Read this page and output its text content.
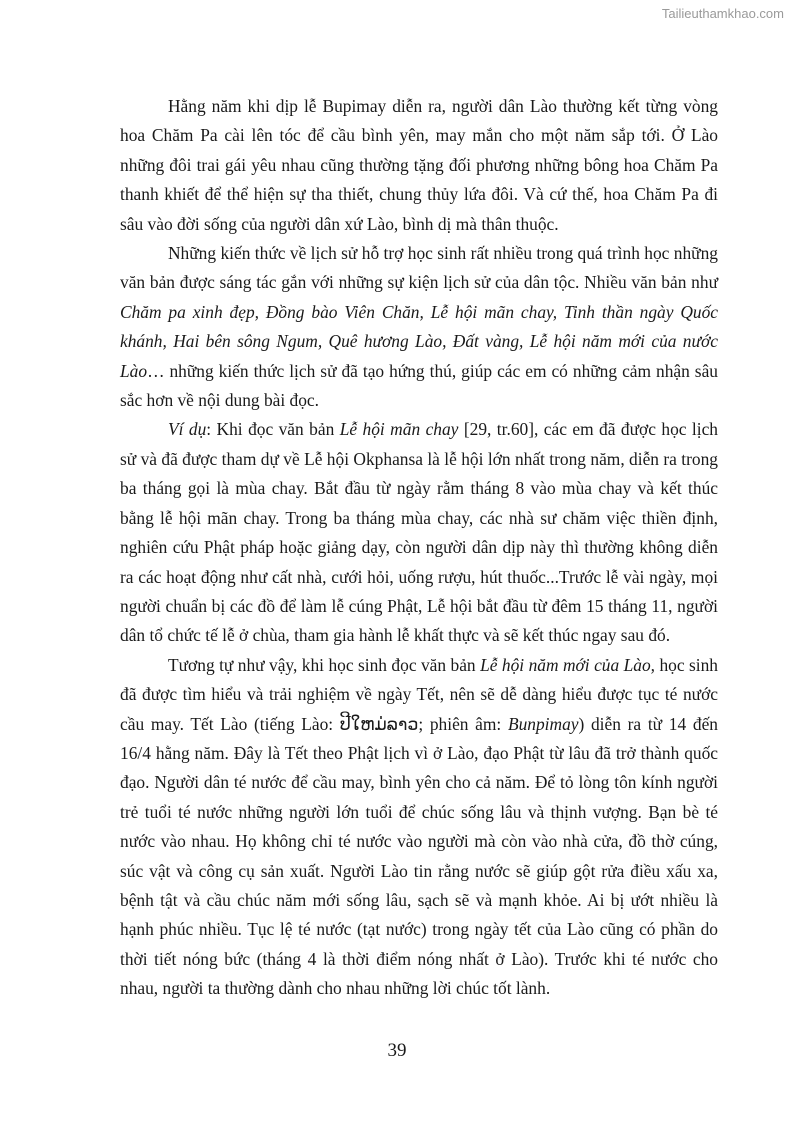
Tailieuthamkhao.com

Hằng năm khi dịp lễ Bupimay diễn ra, người dân Lào thường kết từng vòng hoa Chăm Pa cài lên tóc để cầu bình yên, may mắn cho một năm sắp tới. Ở Lào những đôi trai gái yêu nhau cũng thường tặng đối phương những bông hoa Chăm Pa thanh khiết để thể hiện sự tha thiết, chung thủy lứa đôi. Và cứ thế, hoa Chăm Pa đi sâu vào đời sống của người dân xứ Lào, bình dị mà thân thuộc.

Những kiến thức về lịch sử hỗ trợ học sinh rất nhiều trong quá trình học những văn bản được sáng tác gắn với những sự kiện lịch sử của dân tộc. Nhiều văn bản như Chăm pa xinh đẹp, Đồng bào Viên Chăn, Lễ hội mãn chay, Tinh thần ngày Quốc khánh, Hai bên sông Ngum, Quê hương Lào, Đất vàng, Lễ hội năm mới của nước Lào… những kiến thức lịch sử đã tạo hứng thú, giúp các em có những cảm nhận sâu sắc hơn về nội dung bài đọc.

Ví dụ: Khi đọc văn bản Lễ hội mãn chay [29, tr.60], các em đã được học lịch sử và đã được tham dự về Lễ hội Okphansa là lễ hội lớn nhất trong năm, diễn ra trong ba tháng gọi là mùa chay. Bắt đầu từ ngày rằm tháng 8 vào mùa chay và kết thúc bằng lễ hội mãn chay. Trong ba tháng mùa chay, các nhà sư chăm việc thiền định, nghiên cứu Phật pháp hoặc giảng dạy, còn người dân dịp này thì thường không diễn ra các hoạt động như cất nhà, cưới hỏi, uống rượu, hút thuốc...Trước lễ vài ngày, mọi người chuẩn bị các đồ để làm lễ cúng Phật, Lễ hội bắt đầu từ đêm 15 tháng 11, người dân tổ chức tế lễ ở chùa, tham gia hành lễ khất thực và sẽ kết thúc ngay sau đó.

Tương tự như vậy, khi học sinh đọc văn bản Lễ hội năm mới của Lào, học sinh đã được tìm hiểu và trải nghiệm về ngày Tết, nên sẽ dễ dàng hiểu được tục té nước cầu may. Tết Lào (tiếng Lào: ປີໃຫມ່ລາວ; phiên âm: Bunpimay) diễn ra từ 14 đến 16/4 hằng năm. Đây là Tết theo Phật lịch vì ở Lào, đạo Phật từ lâu đã trở thành quốc đạo. Người dân té nước để cầu may, bình yên cho cả năm. Để tỏ lòng tôn kính người trẻ tuổi té nước những người lớn tuổi để chúc sống lâu và thịnh vượng. Bạn bè té nước vào nhau. Họ không chỉ té nước vào người mà còn vào nhà cửa, đồ thờ cúng, súc vật và công cụ sản xuất. Người Lào tin rằng nước sẽ giúp gột rửa điều xấu xa, bệnh tật và cầu chúc năm mới sống lâu, sạch sẽ và mạnh khỏe. Ai bị ướt nhiều là hạnh phúc nhiều. Tục lệ té nước (tạt nước) trong ngày tết của Lào cũng có phần do thời tiết nóng bức (tháng 4 là thời điểm nóng nhất ở Lào). Trước khi té nước cho nhau, người ta thường dành cho nhau những lời chúc tốt lành.

39
